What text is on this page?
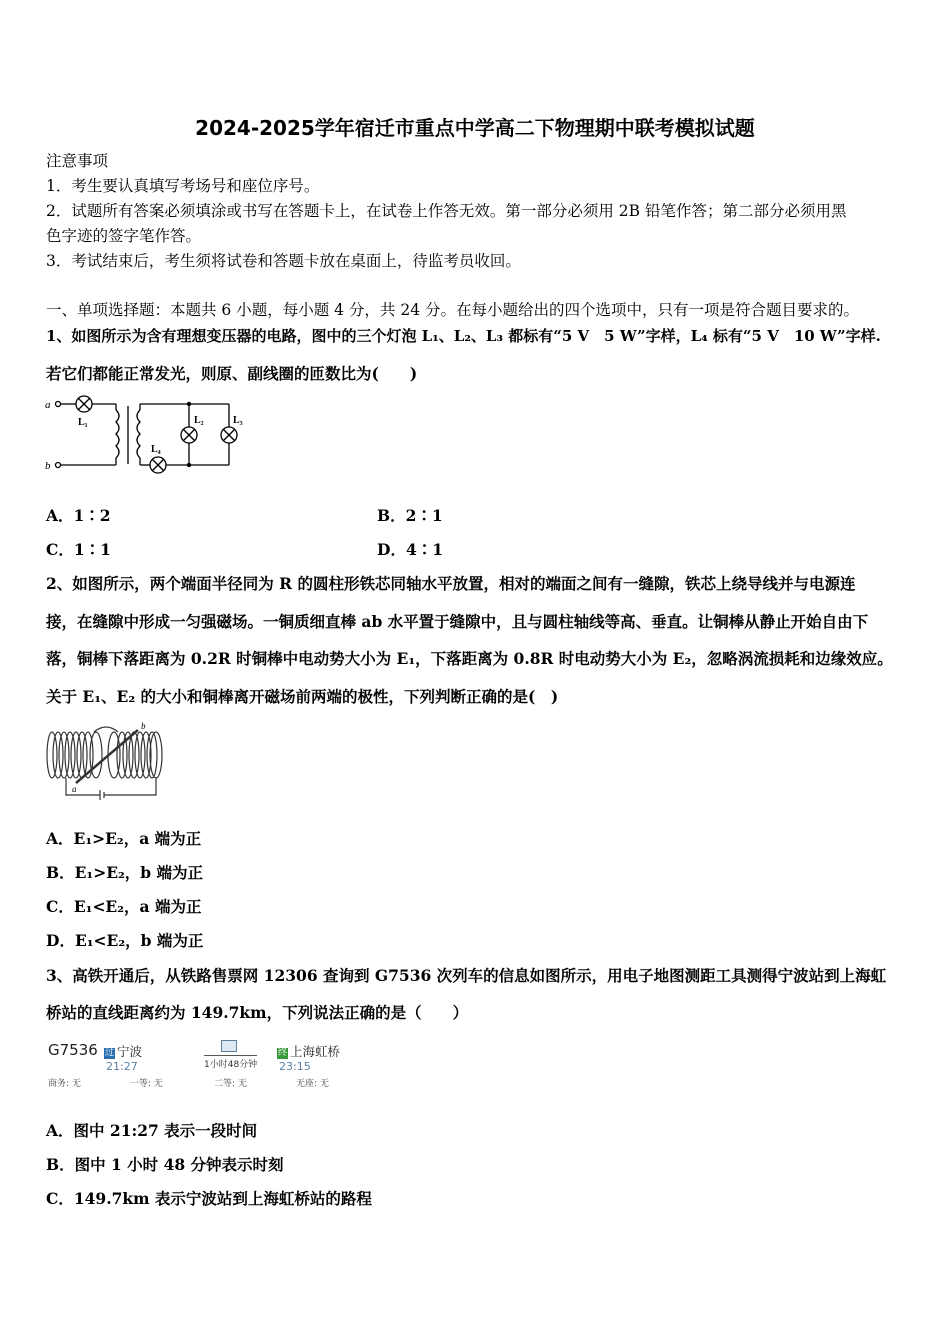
2024-2025学年宿迁市重点中学高二下物理期中联考模拟试题
注意事项
1．考生要认真填写考场号和座位序号。
2．试题所有答案必须填涂或书写在答题卡上，在试卷上作答无效。第一部分必须用 2B 铅笔作答；第二部分必须用黑
色字迹的签字笔作答。
3．考试结束后，考生须将试卷和答题卡放在桌面上，待监考员收回。
一、单项选择题：本题共 6 小题，每小题 4 分，共 24 分。在每小题给出的四个选项中，只有一项是符合题目要求的。
1、如图所示为含有理想变压器的电路，图中的三个灯泡 L₁、L₂、L₃ 都标有“5 V　5 W”字样，L₄ 标有“5 V　10 W”字样.
若它们都能正常发光，则原、副线圈的匝数比为(　　)
a
b
L₁	L₂	L₃
L₄
A．1∶2	B．2∶1
C．1∶1	D．4∶1
2、如图所示，两个端面半径同为 R 的圆柱形铁芯同轴水平放置，相对的端面之间有一缝隙，铁芯上绕导线并与电源连
接，在缝隙中形成一匀强磁场。一铜质细直棒 ab 水平置于缝隙中，且与圆柱轴线等高、垂直。让铜棒从静止开始自由下
落，铜棒下落距离为 0.2R 时铜棒中电动势大小为 E₁，下落距离为 0.8R 时电动势大小为 E₂，忽略涡流损耗和边缘效应。
关于 E₁、E₂ 的大小和铜棒离开磁场前两端的极性，下列判断正确的是(　)
a
b
A．E₁>E₂，a 端为正
B．E₁>E₂，b 端为正
C．E₁<E₂，a 端为正
D．E₁<E₂，b 端为正
3、高铁开通后，从铁路售票网 12306 查询到 G7536 次列车的信息如图所示，用电子地图测距工具测得宁波站到上海虹
桥站的直线距离约为 149.7km，下列说法正确的是（　　）
G7536 过 宁波
21:27	1小时48分钟
终 上海虹桥
23:15
商务: 无	一等: 无	二等: 无	无座: 无
A．图中 21:27 表示一段时间
B．图中 1 小时 48 分钟表示时刻
C．149.7km 表示宁波站到上海虹桥站的路程
